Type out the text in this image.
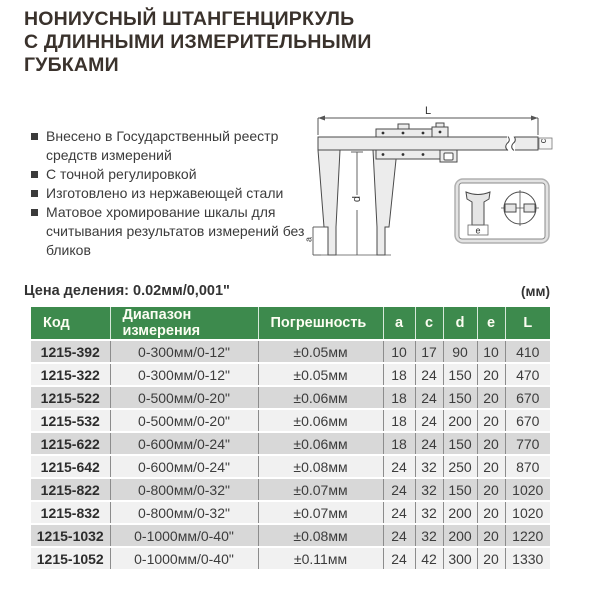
НОНИУСНЫЙ ШТАНГЕНЦИРКУЛЬ
С ДЛИННЫМИ ИЗМЕРИТЕЛЬНЫМИ
ГУБКАМИ
Внесено в Государственный реестр средств измерений
С точной регулировкой
Изготовлено из нержавеющей стали
Матовое хромирование шкалы для считывания результатов измерений без бликов
L
c
d
a
e
Цена деления: 0.02мм/0,001"	(мм)
Код	Диапазон измерения	Погрешность	a	c	d	e	L
1215-392	0-300мм/0-12"	±0.05мм	10	17	90	10	410
1215-322	0-300мм/0-12"	±0.05мм	18	24	150	20	470
1215-522	0-500мм/0-20"	±0.06мм	18	24	150	20	670
1215-532	0-500мм/0-20"	±0.06мм	18	24	200	20	670
1215-622	0-600мм/0-24"	±0.06мм	18	24	150	20	770
1215-642	0-600мм/0-24"	±0.08мм	24	32	250	20	870
1215-822	0-800мм/0-32"	±0.07мм	24	32	150	20	1020
1215-832	0-800мм/0-32"	±0.07мм	24	32	200	20	1020
1215-1032	0-1000мм/0-40"	±0.08мм	24	32	200	20	1220
1215-1052	0-1000мм/0-40"	±0.11мм	24	42	300	20	1330
